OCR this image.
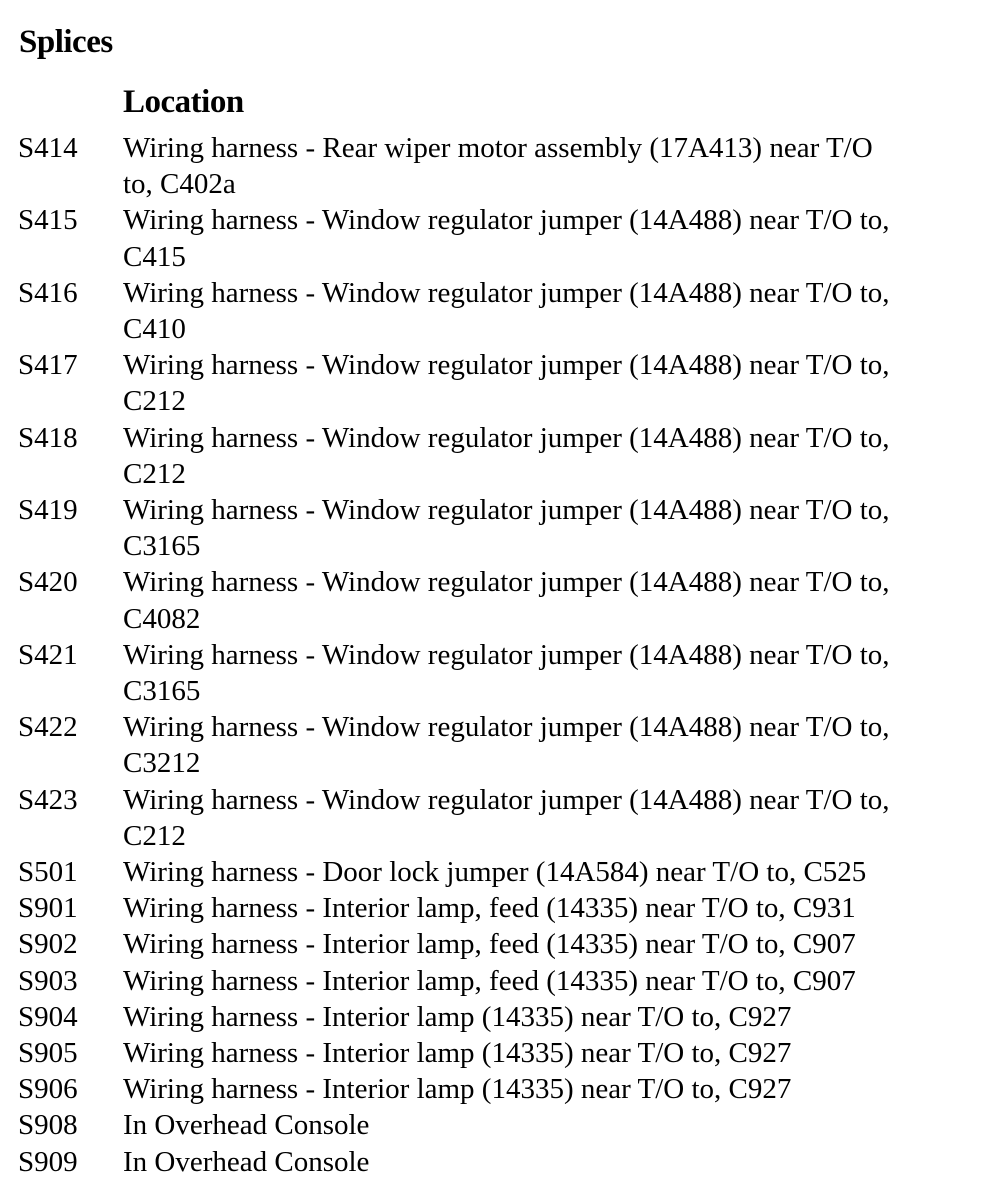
Splices
Location
S414	Wiring harness - Rear wiper motor assembly (17A413) near T/O
to, C402a
S415	Wiring harness - Window regulator jumper (14A488) near T/O to,
C415
S416	Wiring harness - Window regulator jumper (14A488) near T/O to,
C410
S417	Wiring harness - Window regulator jumper (14A488) near T/O to,
C212
S418	Wiring harness - Window regulator jumper (14A488) near T/O to,
C212
S419	Wiring harness - Window regulator jumper (14A488) near T/O to,
C3165
S420	Wiring harness - Window regulator jumper (14A488) near T/O to,
C4082
S421	Wiring harness - Window regulator jumper (14A488) near T/O to,
C3165
S422	Wiring harness - Window regulator jumper (14A488) near T/O to,
C3212
S423	Wiring harness - Window regulator jumper (14A488) near T/O to,
C212
S501	Wiring harness - Door lock jumper (14A584) near T/O to, C525
S901	Wiring harness - Interior lamp, feed (14335) near T/O to, C931
S902	Wiring harness - Interior lamp, feed (14335) near T/O to, C907
S903	Wiring harness - Interior lamp, feed (14335) near T/O to, C907
S904	Wiring harness - Interior lamp (14335) near T/O to, C927
S905	Wiring harness - Interior lamp (14335) near T/O to, C927
S906	Wiring harness - Interior lamp (14335) near T/O to, C927
S908	In Overhead Console
S909	In Overhead Console
